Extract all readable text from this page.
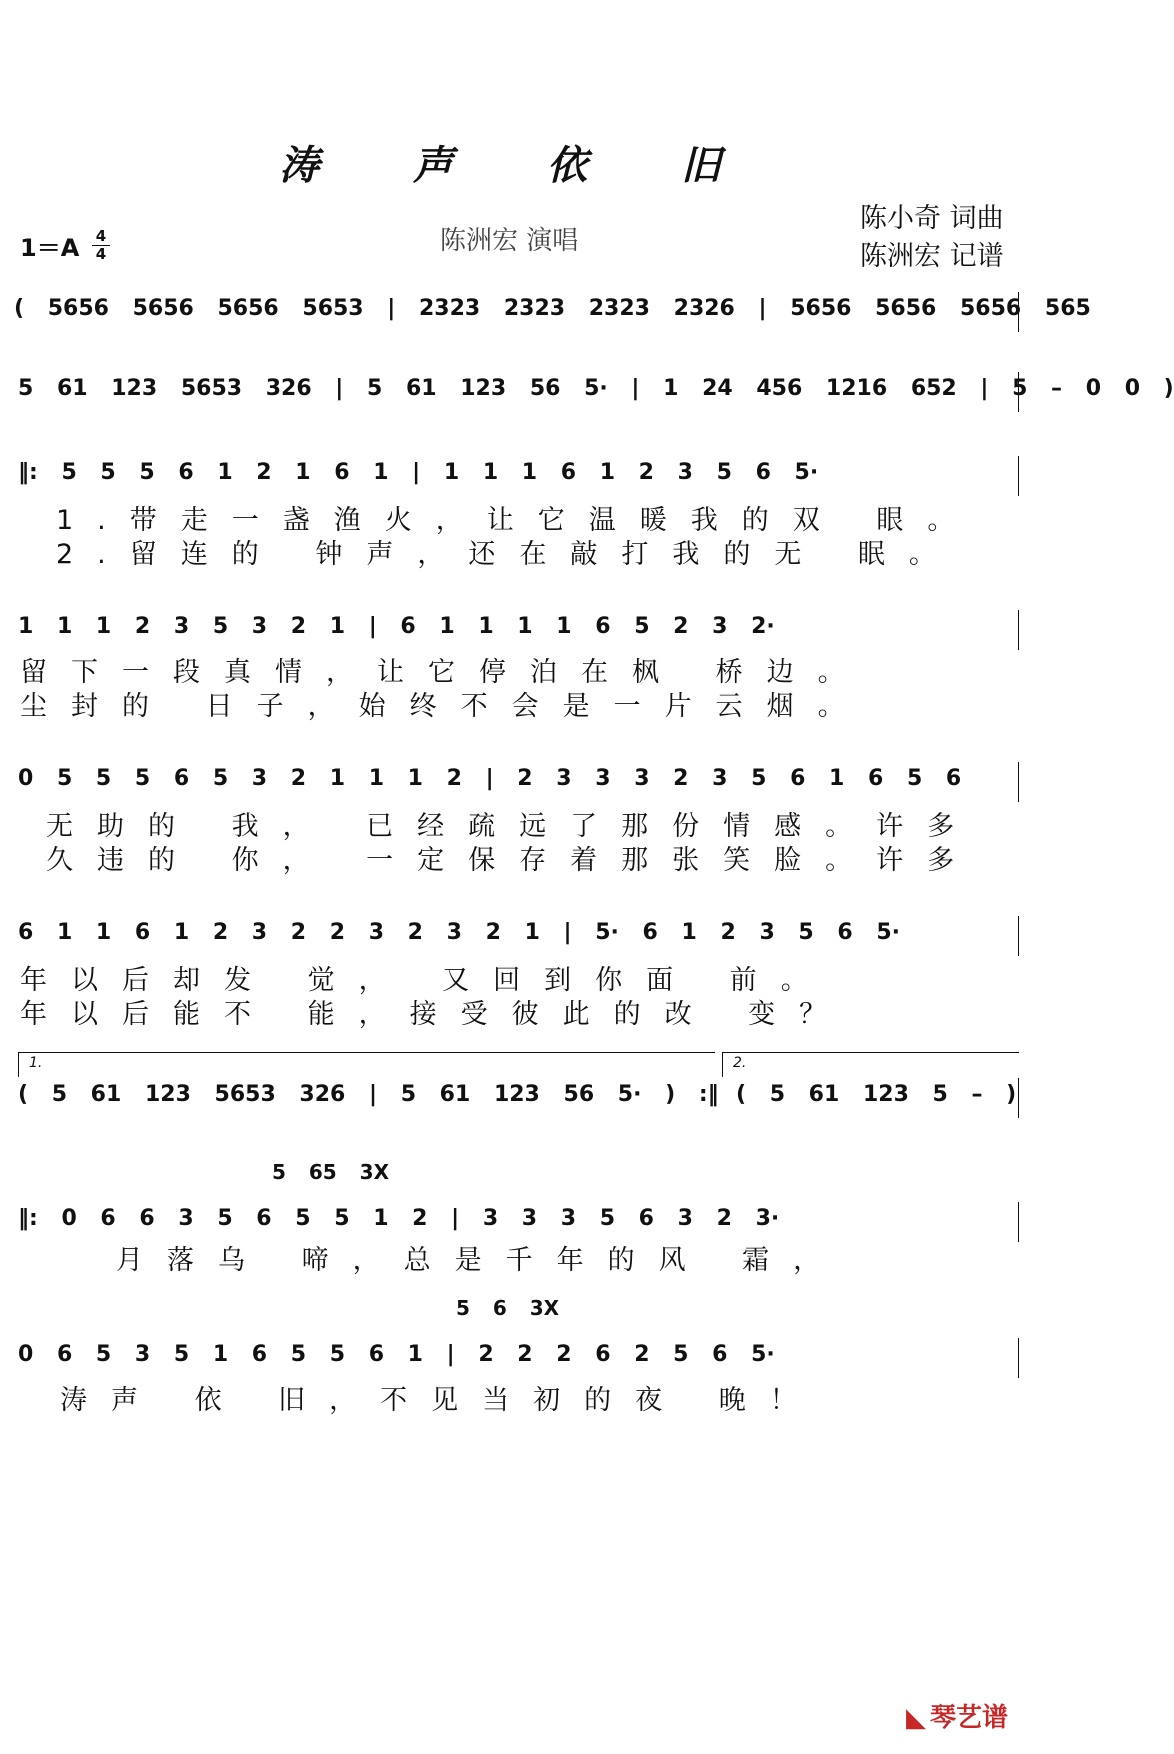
涛 声 依 旧
1＝A 4
4	陈洲宏 演唱
陈小奇 词曲
陈洲宏 记谱
( 5656 5656 5656 5653 | 2323 2323 2323 2326 | 5656 5656 5656 565
5 61 123 5653 326 | 5 61 123 56 5· | 1 24 456 1216 652 | 5 – 0 0 )
‖: 5 5 5 6 1 2 1 6 1 | 1 1 1 6 1 2 3 5 6 5·
1.带走一盏渔火，让它温暖我的双 眼。
2.留连的 钟声，还在敲打我的无 眠。
1 1 1 2 3 5 3 2 1 | 6 1 1 1 1 6 5 2 3 2·
留下一段真情，让它停泊在枫 桥边。
尘封的 日子，始终不会是一片云烟。
0 5 5 5 6 5 3 2 1 1 1 2 | 2 3 3 3 2 3 5 6 1 6 5 6
无助的 我， 已经疏远了那份情感。许多
久违的 你， 一定保存着那张笑脸。许多
6 1 1 6 1 2 3 2 2 3 2 3 2 1 | 5· 6 1 2 3 5 6 5·
年以后却发 觉， 又回到你面 前。
年以后能不 能，接受彼此的改 变？
1.	2.
( 5 61 123 5653 326 | 5 61 123 56 5· ) :‖ ( 5 61 123 5 – )
5 65 3X
‖: 0 6 6 3 5 6 5 5 1 2 | 3 3 3 5 6 3 2 3·
月落乌 啼，总是千年的风 霜，
5 6 3X
0 6 5 3 5 1 6 5 5 6 1 | 2 2 2 6 2 5 6 5·
涛声 依 旧，不见当初的夜 晚！
◣ 琴艺谱
